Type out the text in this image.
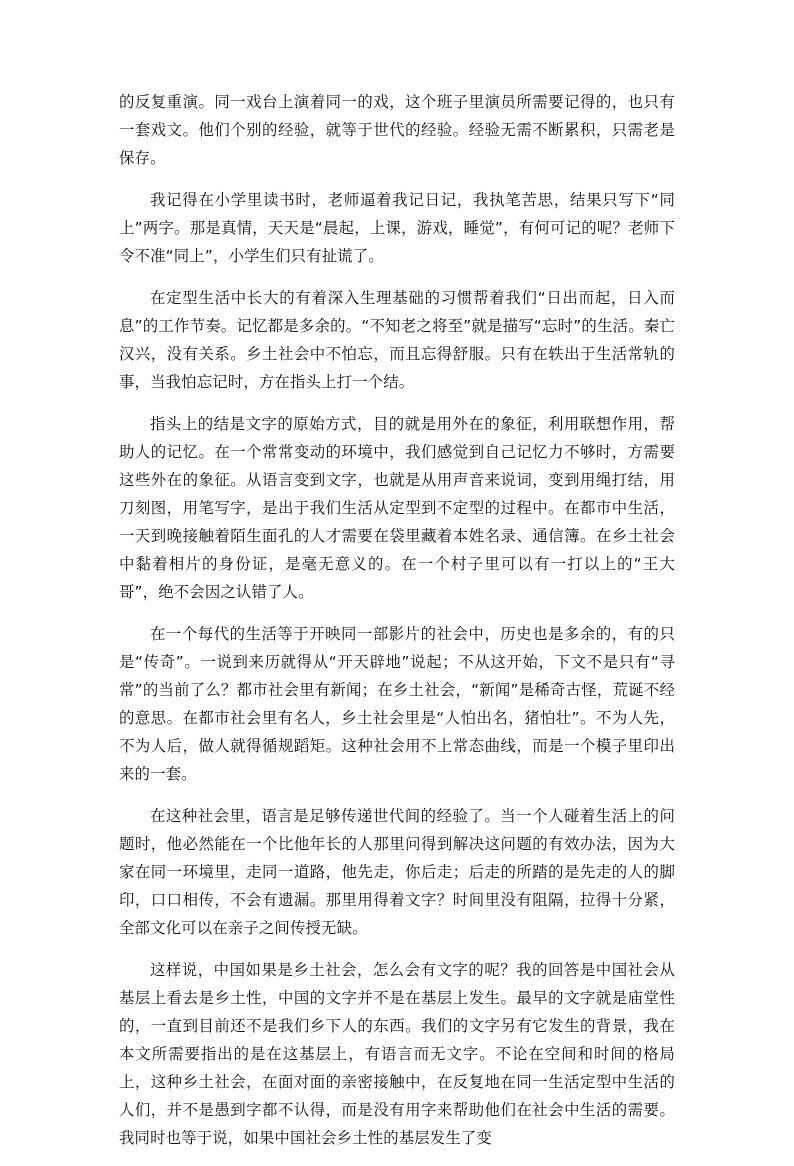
的反复重演。同一戏台上演着同一的戏，这个班子里演员所需要记得的，也只有一套戏文。他们个别的经验，就等于世代的经验。经验无需不断累积，只需老是保存。

我记得在小学里读书时，老师逼着我记日记，我执笔苦思，结果只写下“同上”两字。那是真情，天天是“晨起，上课，游戏，睡觉”，有何可记的呢？老师下令不准“同上”，小学生们只有扯谎了。

在定型生活中长大的有着深入生理基础的习惯帮着我们“日出而起，日入而息”的工作节奏。记忆都是多余的。“不知老之将至”就是描写“忘时”的生活。秦亡汉兴，没有关系。乡土社会中不怕忘，而且忘得舒服。只有在轶出于生活常轨的事，当我怕忘记时，方在指头上打一个结。

指头上的结是文字的原始方式，目的就是用外在的象征，利用联想作用，帮助人的记忆。在一个常常变动的环境中，我们感觉到自己记忆力不够时，方需要这些外在的象征。从语言变到文字，也就是从用声音来说词，变到用绳打结，用刀刻图，用笔写字，是出于我们生活从定型到不定型的过程中。在都市中生活，一天到晚接触着陌生面孔的人才需要在袋里藏着本姓名录、通信簿。在乡土社会中黏着相片的身份证，是毫无意义的。在一个村子里可以有一打以上的“王大哥”，绝不会因之认错了人。

在一个每代的生活等于开映同一部影片的社会中，历史也是多余的，有的只是“传奇”。一说到来历就得从“开天辟地”说起；不从这开始，下文不是只有“寻常”的当前了么？都市社会里有新闻；在乡土社会，“新闻”是稀奇古怪，荒诞不经的意思。在都市社会里有名人，乡土社会里是“人怕出名，猪怕壮”。不为人先，不为人后，做人就得循规蹈矩。这种社会用不上常态曲线，而是一个模子里印出来的一套。

在这种社会里，语言是足够传递世代间的经验了。当一个人碰着生活上的问题时，他必然能在一个比他年长的人那里问得到解决这问题的有效办法，因为大家在同一环境里，走同一道路，他先走，你后走；后走的所踏的是先走的人的脚印，口口相传，不会有遗漏。那里用得着文字？时间里没有阻隔，拉得十分紧，全部文化可以在亲子之间传授无缺。

这样说，中国如果是乡土社会，怎么会有文字的呢？我的回答是中国社会从基层上看去是乡土性，中国的文字并不是在基层上发生。最早的文字就是庙堂性的，一直到目前还不是我们乡下人的东西。我们的文字另有它发生的背景，我在本文所需要指出的是在这基层上，有语言而无文字。不论在空间和时间的格局上，这种乡土社会，在面对面的亲密接触中，在反复地在同一生活定型中生活的人们，并不是愚到字都不认得，而是没有用字来帮助他们在社会中生活的需要。我同时也等于说，如果中国社会乡土性的基层发生了变
